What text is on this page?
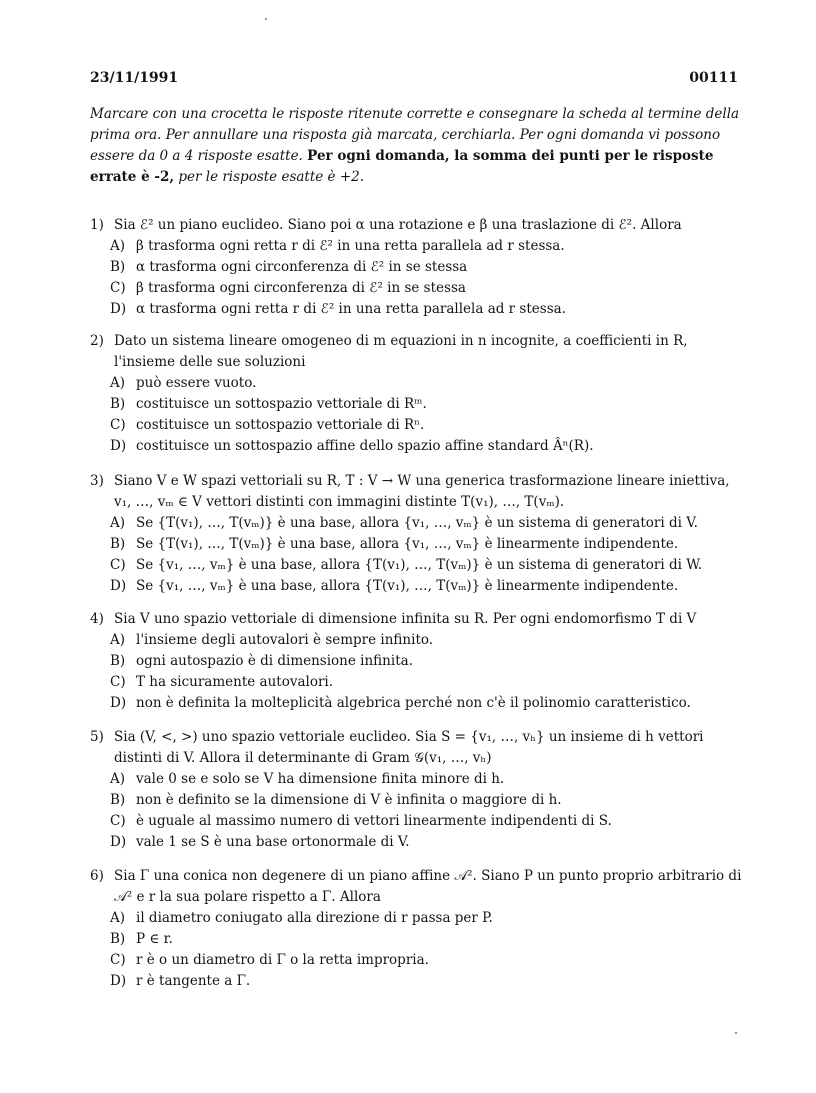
23/11/1991	00111
Marcare con una crocetta le risposte ritenute corrette e consegnare la scheda al termine della prima ora. Per annullare una risposta già marcata, cerchiarla. Per ogni domanda vi possono essere da 0 a 4 risposte esatte. Per ogni domanda, la somma dei punti per le risposte errate è -2, per le risposte esatte è +2.
1) Sia ℰ² un piano euclideo. Siano poi α una rotazione e β una traslazione di ℰ². Allora
A) β trasforma ogni retta r di ℰ² in una retta parallela ad r stessa.
B) α trasforma ogni circonferenza di ℰ² in se stessa
C) β trasforma ogni circonferenza di ℰ² in se stessa
D) α trasforma ogni retta r di ℰ² in una retta parallela ad r stessa.
2) Dato un sistema lineare omogeneo di m equazioni in n incognite, a coefficienti in R, l'insieme delle sue soluzioni
A) può essere vuoto.
B) costituisce un sottospazio vettoriale di Rᵐ.
C) costituisce un sottospazio vettoriale di Rⁿ.
D) costituisce un sottospazio affine dello spazio affine standard Âⁿ(R).
3) Siano V e W spazi vettoriali su R, T : V → W una generica trasformazione lineare iniettiva, v₁, …, vₘ ∈ V vettori distinti con immagini distinte T(v₁), …, T(vₘ).
A) Se {T(v₁), …, T(vₘ)} è una base, allora {v₁, …, vₘ} è un sistema di generatori di V.
B) Se {T(v₁), …, T(vₘ)} è una base, allora {v₁, …, vₘ} è linearmente indipendente.
C) Se {v₁, …, vₘ} è una base, allora {T(v₁), …, T(vₘ)} è un sistema di generatori di W.
D) Se {v₁, …, vₘ} è una base, allora {T(v₁), …, T(vₘ)} è linearmente indipendente.
4) Sia V uno spazio vettoriale di dimensione infinita su R. Per ogni endomorfismo T di V
A) l'insieme degli autovalori è sempre infinito.
B) ogni autospazio è di dimensione infinita.
C) T ha sicuramente autovalori.
D) non è definita la molteplicità algebrica perché non c'è il polinomio caratteristico.
5) Sia (V, <, >) uno spazio vettoriale euclideo. Sia S = {v₁, …, vₕ} un insieme di h vettori distinti di V. Allora il determinante di Gram 𝒢(v₁, …, vₕ)
A) vale 0 se e solo se V ha dimensione finita minore di h.
B) non è definito se la dimensione di V è infinita o maggiore di h.
C) è uguale al massimo numero di vettori linearmente indipendenti di S.
D) vale 1 se S è una base ortonormale di V.
6) Sia Γ una conica non degenere di un piano affine 𝒜². Siano P un punto proprio arbitrario di 𝒜² e r la sua polare rispetto a Γ. Allora
A) il diametro coniugato alla direzione di r passa per P.
B) P ∈ r.
C) r è o un diametro di Γ o la retta impropria.
D) r è tangente a Γ.
